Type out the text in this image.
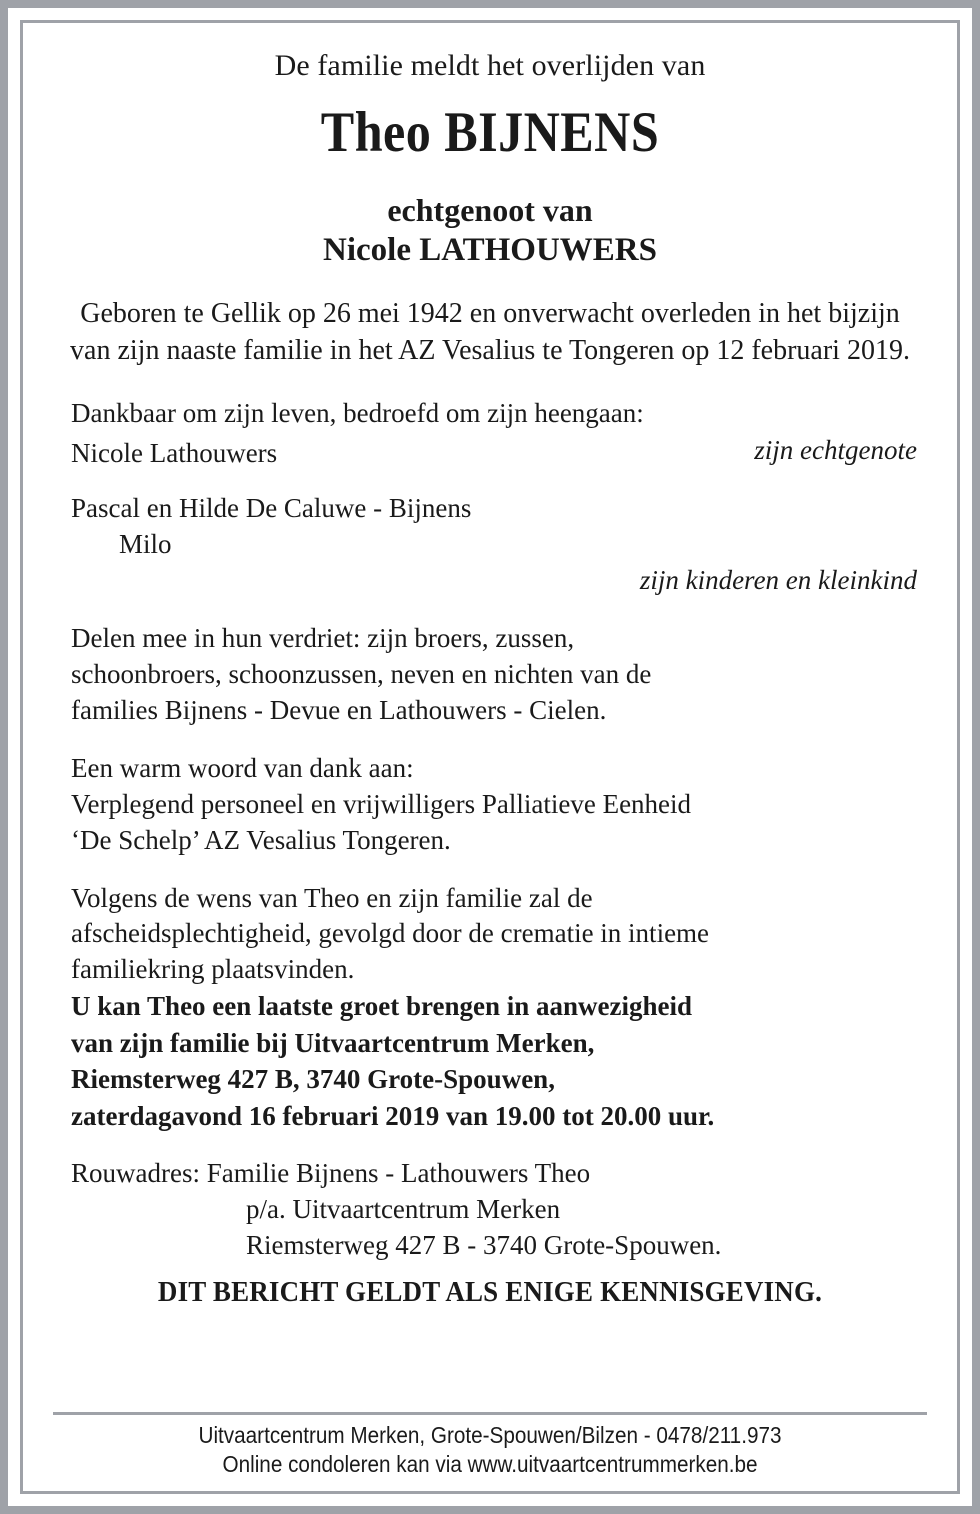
De familie meldt het overlijden van

Theo BIJNENS
echtgenoot van
Nicole LATHOUWERS

Geboren te Gellik op 26 mei 1942 en onverwacht overleden in het bijzijn van zijn naaste familie in het AZ Vesalius te Tongeren op 12 februari 2019.

Dankbaar om zijn leven, bedroefd om zijn heengaan:
Nicole Lathouwers	zijn echtgenote
Pascal en Hilde De Caluwe - Bijnens
Milo
zijn kinderen en kleinkind
Delen mee in hun verdriet: zijn broers, zussen,
schoonbroers, schoonzussen, neven en nichten van de
families Bijnens - Devue en Lathouwers - Cielen.
Een warm woord van dank aan:
Verplegend personeel en vrijwilligers Palliatieve Eenheid
‘De Schelp’ AZ Vesalius Tongeren.
Volgens de wens van Theo en zijn familie zal de
afscheidsplechtigheid, gevolgd door de crematie in intieme
familiekring plaatsvinden.
U kan Theo een laatste groet brengen in aanwezigheid
van zijn familie bij Uitvaartcentrum Merken,
Riemsterweg 427 B, 3740 Grote-Spouwen,
zaterdagavond 16 februari 2019 van 19.00 tot 20.00 uur.
Rouwadres: Familie Bijnens - Lathouwers Theo
p/a. Uitvaartcentrum Merken
Riemsterweg 427 B - 3740 Grote-Spouwen.

DIT BERICHT GELDT ALS ENIGE KENNISGEVING.

Uitvaartcentrum Merken, Grote-Spouwen/Bilzen - 0478/211.973
Online condoleren kan via www.uitvaartcentrummerken.be
